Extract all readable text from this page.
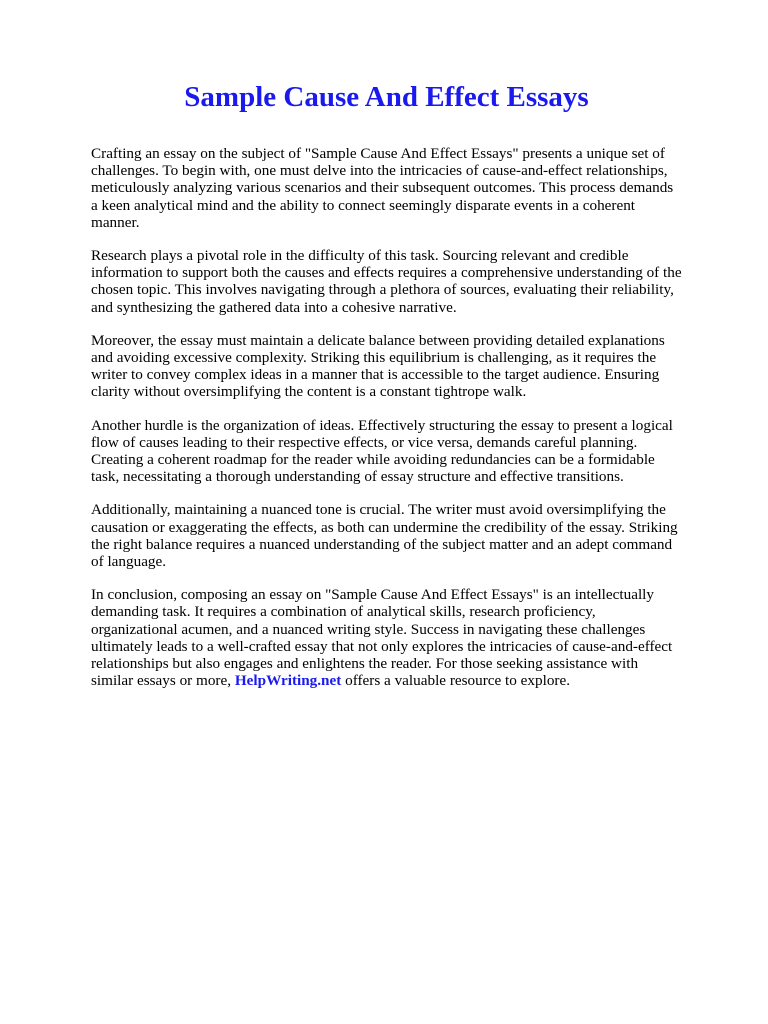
Sample Cause And Effect Essays

Crafting an essay on the subject of "Sample Cause And Effect Essays" presents a unique set of challenges. To begin with, one must delve into the intricacies of cause-and-effect relationships, meticulously analyzing various scenarios and their subsequent outcomes. This process demands a keen analytical mind and the ability to connect seemingly disparate events in a coherent manner.

Research plays a pivotal role in the difficulty of this task. Sourcing relevant and credible information to support both the causes and effects requires a comprehensive understanding of the chosen topic. This involves navigating through a plethora of sources, evaluating their reliability, and synthesizing the gathered data into a cohesive narrative.

Moreover, the essay must maintain a delicate balance between providing detailed explanations and avoiding excessive complexity. Striking this equilibrium is challenging, as it requires the writer to convey complex ideas in a manner that is accessible to the target audience. Ensuring clarity without oversimplifying the content is a constant tightrope walk.

Another hurdle is the organization of ideas. Effectively structuring the essay to present a logical flow of causes leading to their respective effects, or vice versa, demands careful planning. Creating a coherent roadmap for the reader while avoiding redundancies can be a formidable task, necessitating a thorough understanding of essay structure and effective transitions.

Additionally, maintaining a nuanced tone is crucial. The writer must avoid oversimplifying the causation or exaggerating the effects, as both can undermine the credibility of the essay. Striking the right balance requires a nuanced understanding of the subject matter and an adept command of language.

In conclusion, composing an essay on "Sample Cause And Effect Essays" is an intellectually demanding task. It requires a combination of analytical skills, research proficiency, organizational acumen, and a nuanced writing style. Success in navigating these challenges ultimately leads to a well-crafted essay that not only explores the intricacies of cause-and-effect relationships but also engages and enlightens the reader. For those seeking assistance with similar essays or more, HelpWriting.net offers a valuable resource to explore.
